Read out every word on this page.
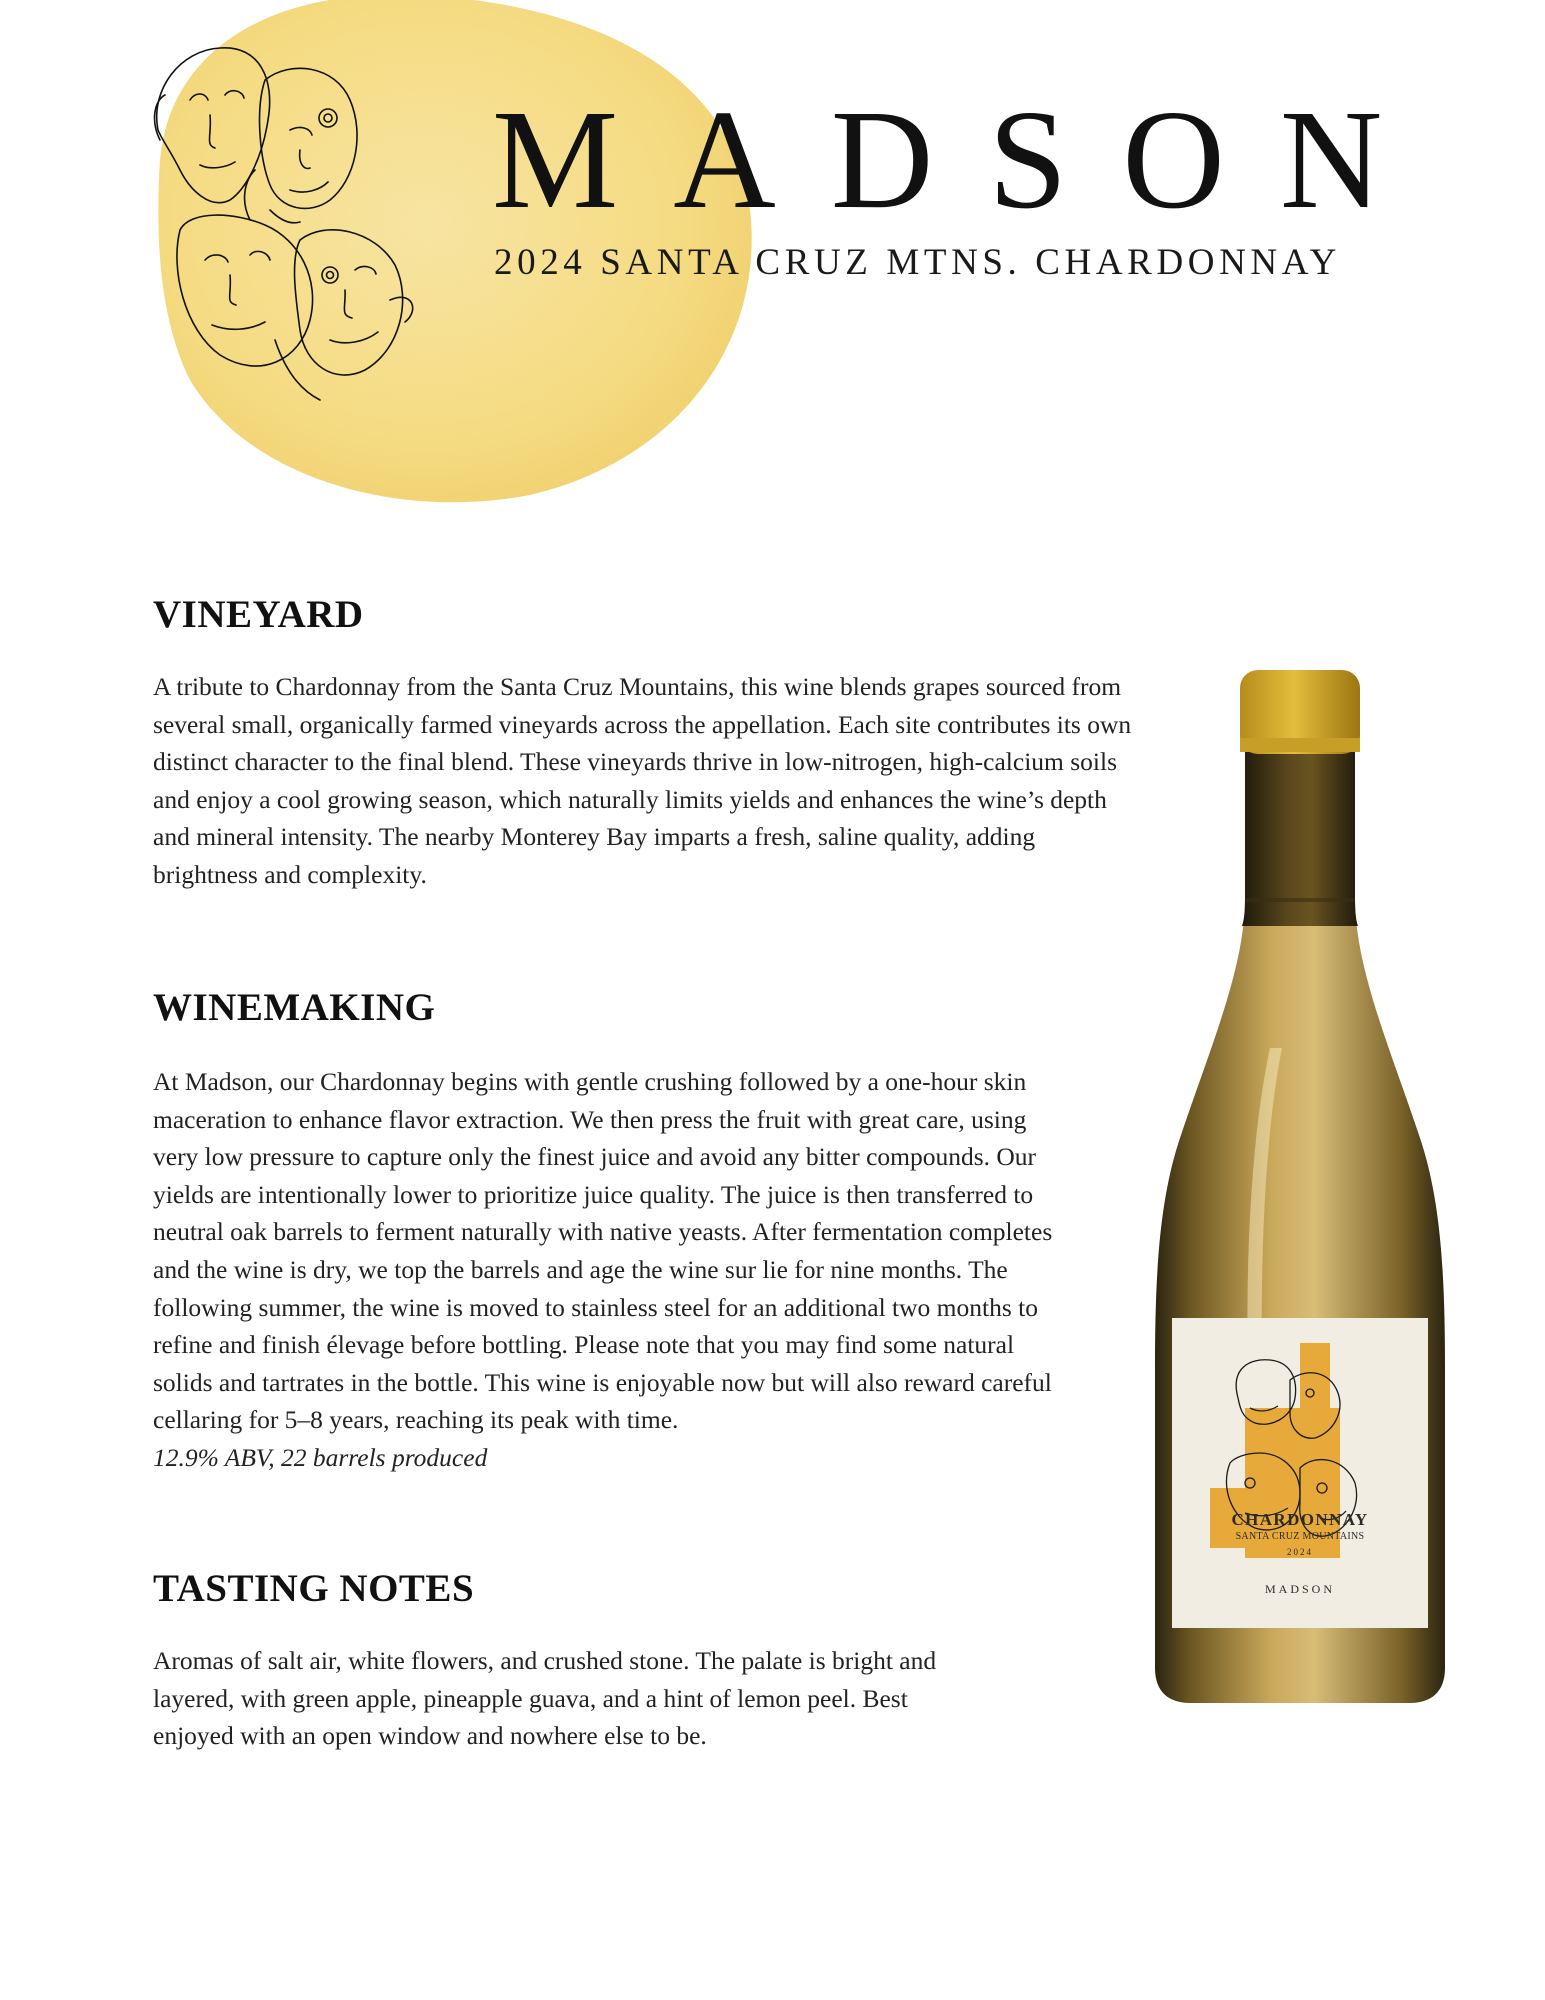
MADSON
2024 SANTA CRUZ MTNS. CHARDONNAY
VINEYARD

A tribute to Chardonnay from the Santa Cruz Mountains, this wine blends grapes sourced from several small, organically farmed vineyards across the appellation. Each site contributes its own distinct character to the final blend. These vineyards thrive in low-nitrogen, high-calcium soils and enjoy a cool growing season, which naturally limits yields and enhances the wine’s depth and mineral intensity. The nearby Monterey Bay imparts a fresh, saline quality, adding brightness and complexity.

WINEMAKING

At Madson, our Chardonnay begins with gentle crushing followed by a one-hour skin maceration to enhance flavor extraction. We then press the fruit with great care, using very low pressure to capture only the finest juice and avoid any bitter compounds. Our yields are intentionally lower to prioritize juice quality. The juice is then transferred to neutral oak barrels to ferment naturally with native yeasts. After fermentation completes and the wine is dry, we top the barrels and age the wine sur lie for nine months. The following summer, the wine is moved to stainless steel for an additional two months to refine and finish élevage before bottling. Please note that you may find some natural solids and tartrates in the bottle. This wine is enjoyable now but will also reward careful cellaring for 5–8 years, reaching its peak with time.

12.9% ABV, 22 barrels produced

TASTING NOTES

Aromas of salt air, white flowers, and crushed stone. The palate is bright and layered, with green apple, pineapple guava, and a hint of lemon peel. Best enjoyed with an open window and nowhere else to be.

CHARDONNAY
SANTA CRUZ MOUNTAINS
2024
MADSON
